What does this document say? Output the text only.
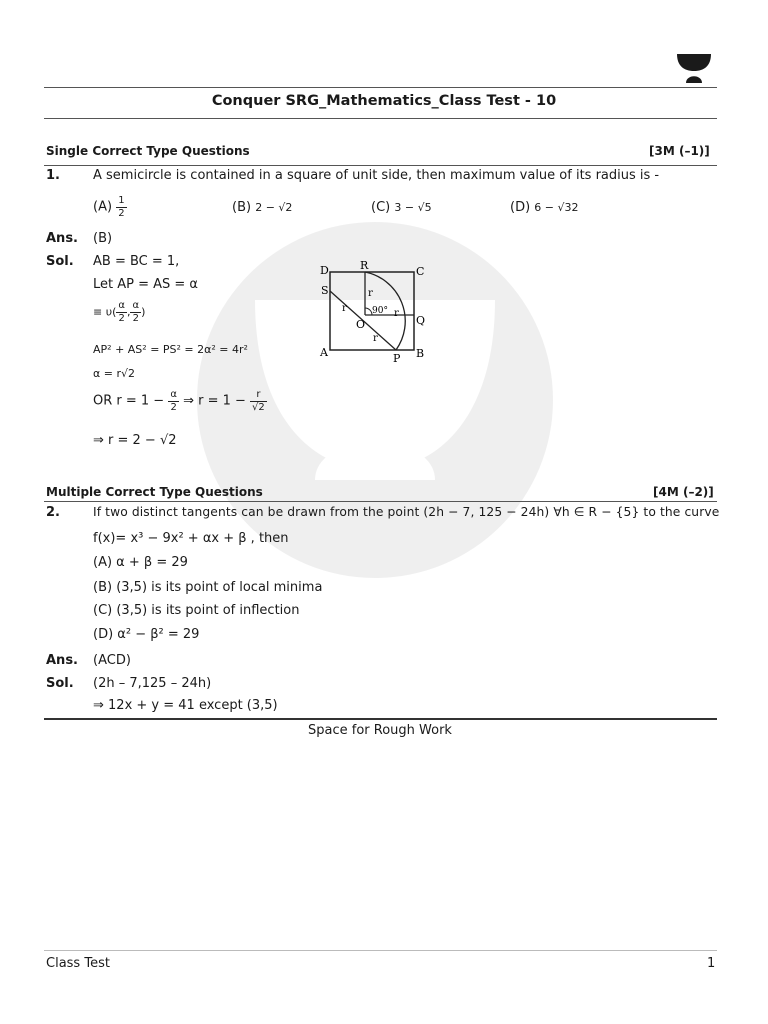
Conquer SRG_Mathematics_Class Test - 10
Single Correct Type Questions	[3M (–1)]
1.	A semicircle is contained in a square of unit side, then maximum value of its radius is -
$(A) \frac{1}{2}$	(B) 2 − √2	(C) 3 − √5	(D) 6 − √32
Ans. (B)
Sol. AB = BC = 1,
Let AP = AS = α
≡ $\upsilon( \frac{\alpha}{2}$ , $\frac{\alpha}{2}$ )
AP² + AS² = PS² = 2α² = 4r²
α = r√2
OR $r = 1 - \frac{\alpha}{2}$ ⇒ $r = 1 - \frac{r}{√2}$
⇒ r = 2 − √2
D	R	C
S	r
r	r
r
90°
O	Q
A	P B
Multiple Correct Type Questions	[4M (–2)]
2.	If two distinct tangents can be drawn from the point (2h − 7, 125 − 24h) ∀h ∈ R − {5} to the curve
f(x)= x³ − 9x² + αx + β , then
(A) α + β = 29
(B) (3,5) is its point of local minima
(C) (3,5) is its point of inflection
(D) α² − β² = 29
Ans. (ACD)
Sol. (2h – 7,125 – 24h)
⇒ 12x + y = 41 except (3,5)
Space for Rough Work
Class Test	1
